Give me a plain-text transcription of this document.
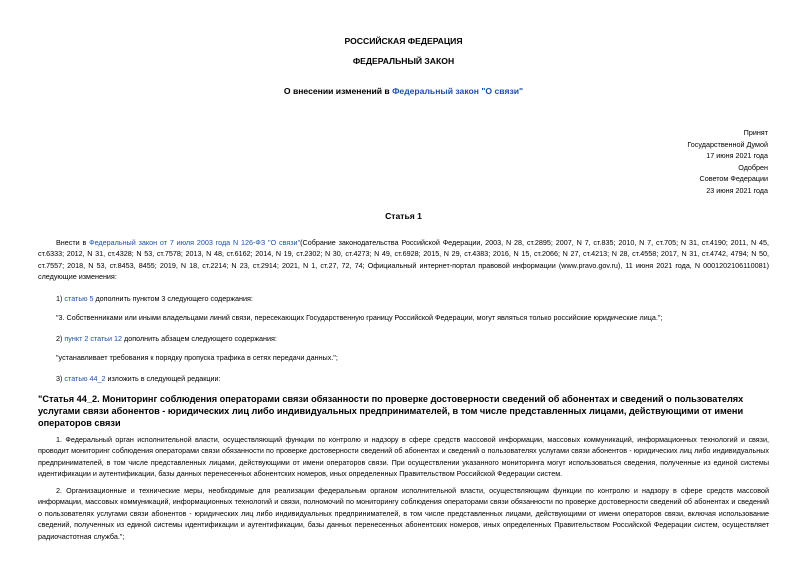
РОССИЙСКАЯ ФЕДЕРАЦИЯ
ФЕДЕРАЛЬНЫЙ ЗАКОН
О внесении изменений в Федеральный закон "О связи"
Принят
Государственной Думой
17 июня 2021 года
Одобрен
Советом Федерации
23 июня 2021 года
Статья 1
Внести в Федеральный закон от 7 июля 2003 года N 126-ФЗ "О связи"(Собрание законодательства Российской Федерации, 2003, N 28, ст.2895; 2007, N 7, ст.835; 2010, N 7, ст.705; N 31, ст.4190; 2011, N 45, ст.6333; 2012, N 31, ст.4328; N 53, ст.7578; 2013, N 48, ст.6162; 2014, N 19, ст.2302; N 30, ст.4273; N 49, ст.6928; 2015, N 29, ст.4383; 2016, N 15, ст.2066; N 27, ст.4213; N 28, ст.4558; 2017, N 31, ст.4742, 4794; N 50, ст.7557; 2018, N 53, ст.8453, 8455; 2019, N 18, ст.2214; N 23, ст.2914; 2021, N 1, ст.27, 72, 74; Официальный интернет-портал правовой информации (www.pravo.gov.ru), 11 июня 2021 года, N 0001202106110081) следующие изменения:
1) статью 5 дополнить пунктом 3 следующего содержания:
"3. Собственниками или иными владельцами линий связи, пересекающих Государственную границу Российской Федерации, могут являться только российские юридические лица.";
2) пункт 2 статьи 12 дополнить абзацем следующего содержания:
"устанавливает требования к порядку пропуска трафика в сетях передачи данных.";
3) статью 44_2 изложить в следующей редакции:
"Статья 44_2. Мониторинг соблюдения операторами связи обязанности по проверке достоверности сведений об абонентах и сведений о пользователях услугами связи абонентов - юридических лиц либо индивидуальных предпринимателей, в том числе представленных лицами, действующими от имени операторов связи
1. Федеральный орган исполнительной власти, осуществляющий функции по контролю и надзору в сфере средств массовой информации, массовых коммуникаций, информационных технологий и связи, проводит мониторинг соблюдения операторами связи обязанности по проверке достоверности сведений об абонентах и сведений о пользователях услугами связи абонентов - юридических лиц либо индивидуальных предпринимателей, в том числе представленных лицами, действующими от имени операторов связи. При осуществлении указанного мониторинга могут использоваться сведения, полученные из единой системы идентификации и аутентификации, базы данных перенесенных абонентских номеров, иных определенных Правительством Российской Федерации систем.
2. Организационные и технические меры, необходимые для реализации федеральным органом исполнительной власти, осуществляющим функции по контролю и надзору в сфере средств массовой информации, массовых коммуникаций, информационных технологий и связи, полномочий по мониторингу соблюдения операторами связи обязанности по проверке достоверности сведений об абонентах и сведений о пользователях услугами связи абонентов - юридических лиц либо индивидуальных предпринимателей, в том числе представленных лицами, действующими от имени операторов связи, включая использование сведений, полученных из единой системы идентификации и аутентификации, базы данных перенесенных абонентских номеров, иных определенных Правительством Российской Федерации систем, осуществляет радиочастотная служба.";
